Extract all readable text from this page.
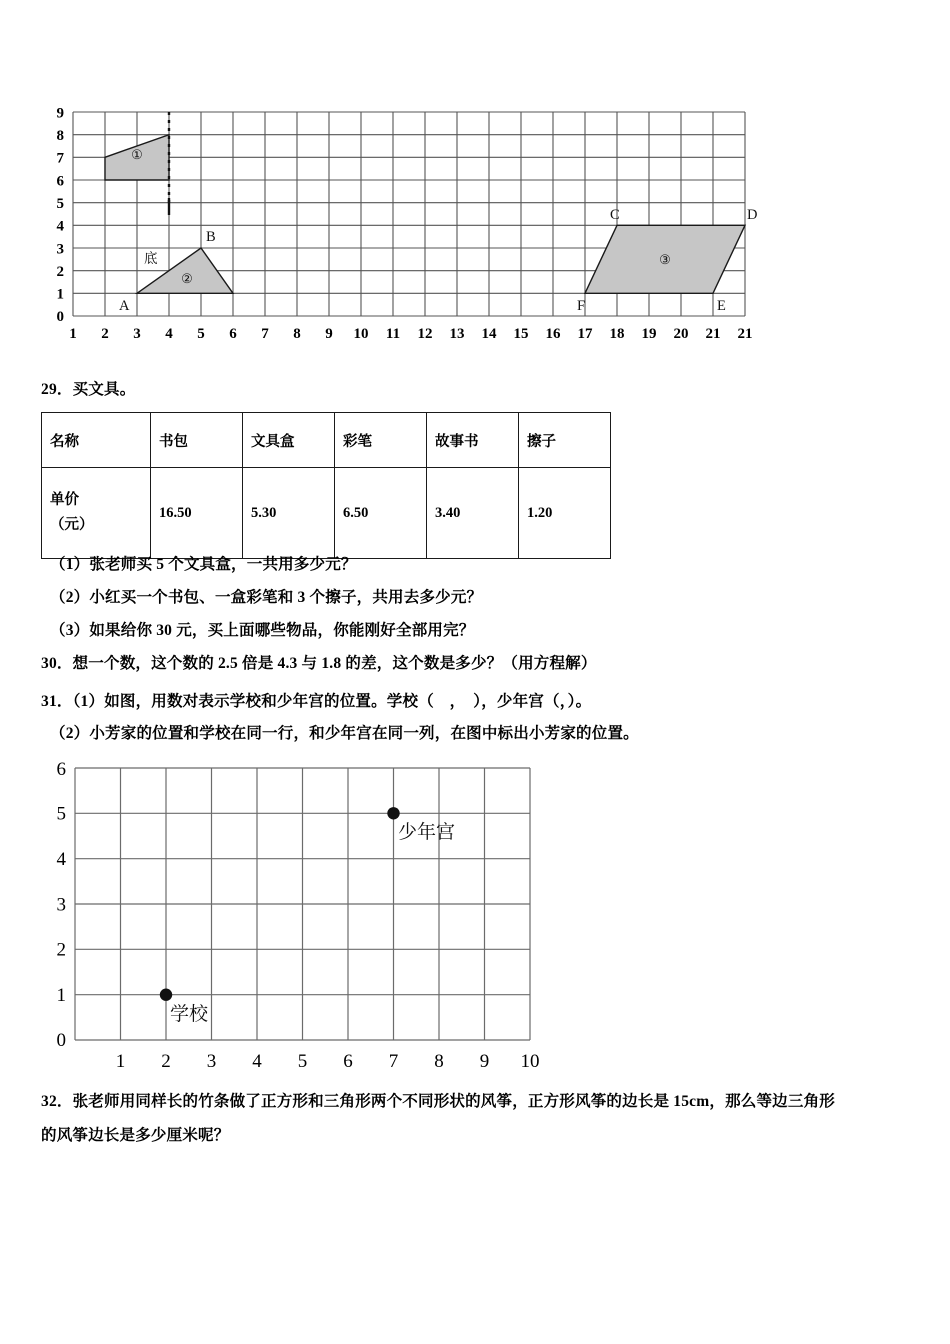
①
②
③
A
B
底
C	D
F	E
0
1
2
3
4
5
6
7
8
9
1 2 3 4 5 6 7 8 9 10 11 12 13 14 15 16 17 18 19 20 21 21
29．买文具。
名称	书包	文具盒	彩笔	故事书	擦子
单价
（元）	16.50	5.30	6.50	3.40	1.20
（1）张老师买 5 个文具盒，一共用多少元？
（2）小红买一个书包、一盒彩笔和 3 个擦子，共用去多少元？
（3）如果给你 30 元，买上面哪些物品，你能刚好全部用完？
30．想一个数，这个数的 2.5 倍是 4.3 与 1.8 的差，这个数是多少？（用方程解）
31．（1）如图，用数对表示学校和少年宫的位置。学校（　，　），少年宫（，）。
（2）小芳家的位置和学校在同一行，和少年宫在同一列，在图中标出小芳家的位置。
少年宫
学校
0
1
2
3
4
5
6
1 2 3 4 5 6 7 8 9 10
32．张老师用同样长的竹条做了正方形和三角形两个不同形状的风筝，正方形风筝的边长是 15cm，那么等边三角形
的风筝边长是多少厘米呢？
